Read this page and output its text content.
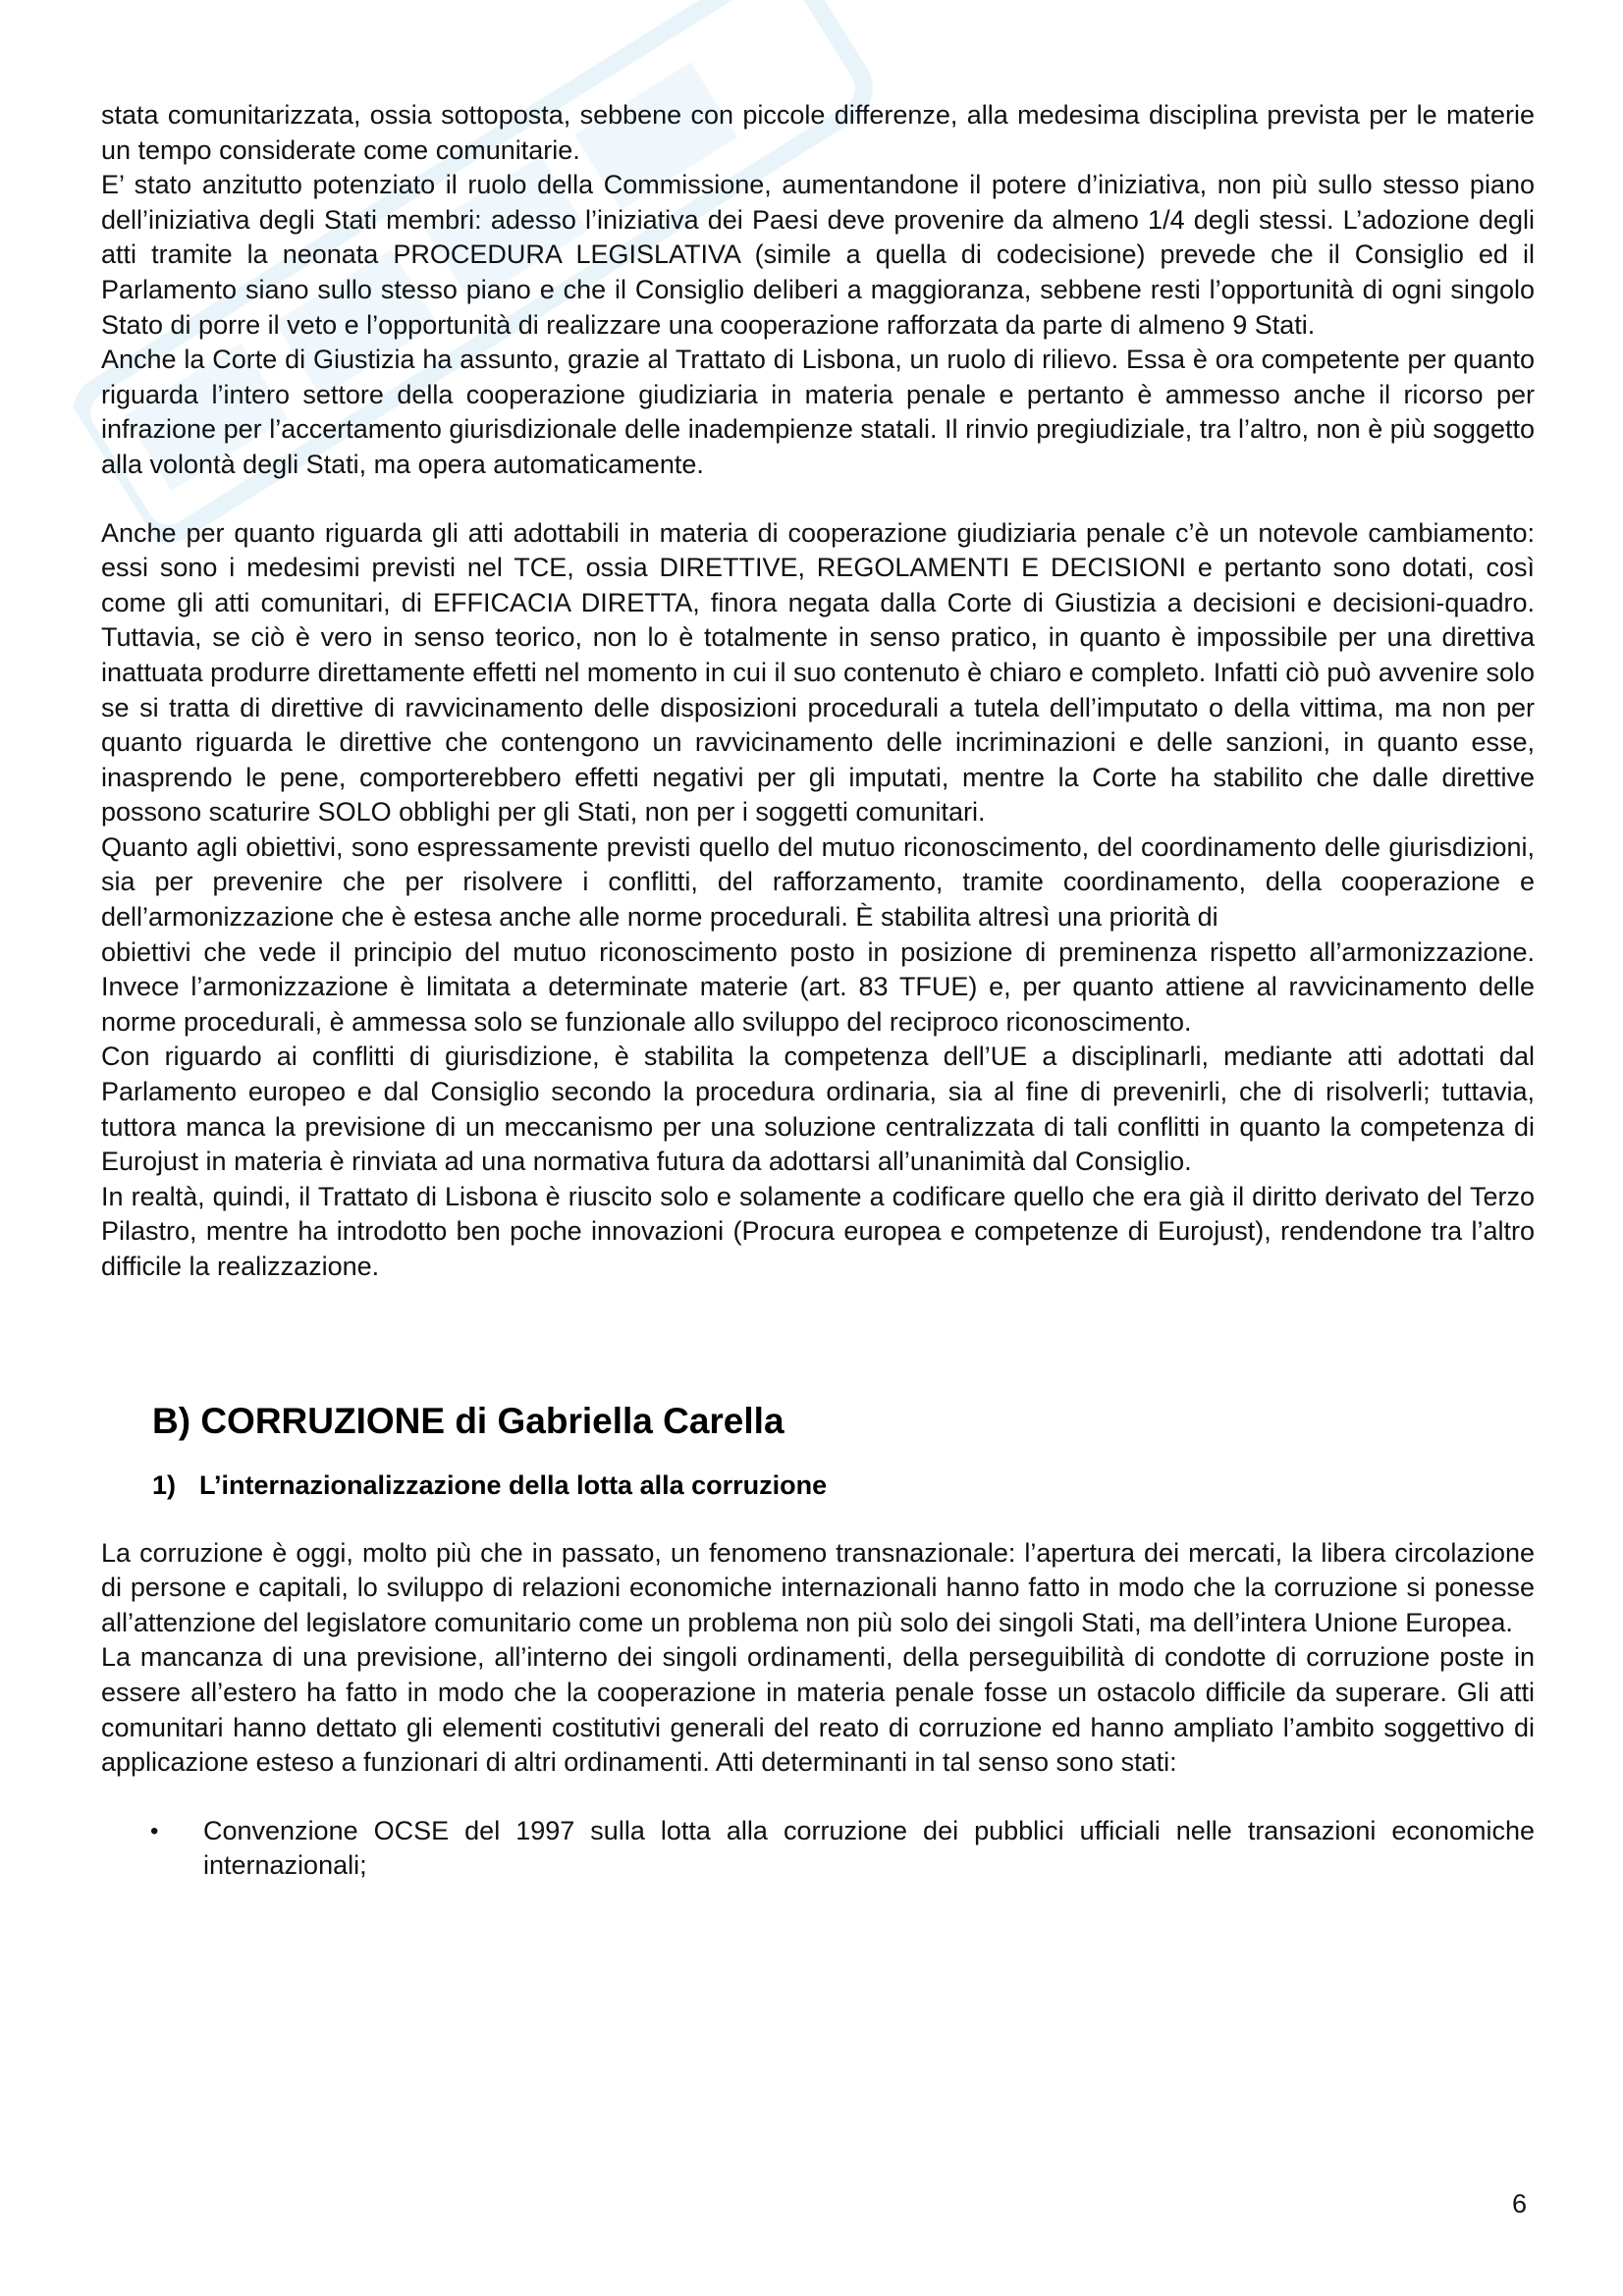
stata comunitarizzata, ossia sottoposta, sebbene con piccole differenze, alla medesima disciplina prevista per le materie un tempo considerate come comunitarie.

E’ stato anzitutto potenziato il ruolo della Commissione, aumentandone il potere d’iniziativa, non più sullo stesso piano dell’iniziativa degli Stati membri: adesso l’iniziativa dei Paesi deve provenire da almeno 1/4 degli stessi. L’adozione degli atti tramite la neonata PROCEDURA LEGISLATIVA (simile a quella di codecisione) prevede che il Consiglio ed il Parlamento siano sullo stesso piano e che il Consiglio deliberi a maggioranza, sebbene resti l’opportunità di ogni singolo Stato di porre il veto e l’opportunità di realizzare una cooperazione rafforzata da parte di almeno 9 Stati.

Anche la Corte di Giustizia ha assunto, grazie al Trattato di Lisbona, un ruolo di rilievo. Essa è ora competente per quanto riguarda l’intero settore della cooperazione giudiziaria in materia penale e pertanto è ammesso anche il ricorso per infrazione per l’accertamento giurisdizionale delle inadempienze statali. Il rinvio pregiudiziale, tra l’altro, non è più soggetto alla volontà degli Stati, ma opera automaticamente.

Anche per quanto riguarda gli atti adottabili in materia di cooperazione giudiziaria penale c’è un notevole cambiamento: essi sono i medesimi previsti nel TCE, ossia DIRETTIVE, REGOLAMENTI E DECISIONI e pertanto sono dotati, così come gli atti comunitari, di EFFICACIA DIRETTA, finora negata dalla Corte di Giustizia a decisioni e decisioni-quadro. Tuttavia, se ciò è vero in senso teorico, non lo è totalmente in senso pratico, in quanto è impossibile per una direttiva inattuata produrre direttamente effetti nel momento in cui il suo contenuto è chiaro e completo. Infatti ciò può avvenire solo se si tratta di direttive di ravvicinamento delle disposizioni procedurali a tutela dell’imputato o della vittima, ma non per quanto riguarda le direttive che contengono un ravvicinamento delle incriminazioni e delle sanzioni, in quanto esse, inasprendo le pene, comporterebbero effetti negativi per gli imputati, mentre la Corte ha stabilito che dalle direttive possono scaturire SOLO obblighi per gli Stati, non per i soggetti comunitari.

Quanto agli obiettivi, sono espressamente previsti quello del mutuo riconoscimento, del coordinamento delle giurisdizioni, sia per prevenire che per risolvere i conflitti, del rafforzamento, tramite coordinamento, della cooperazione e dell’armonizzazione che è estesa anche alle norme procedurali. È stabilita altresì una priorità di

obiettivi che vede il principio del mutuo riconoscimento posto in posizione di preminenza rispetto all’armonizzazione. Invece l’armonizzazione è limitata a determinate materie (art. 83 TFUE) e, per quanto attiene al ravvicinamento delle norme procedurali, è ammessa solo se funzionale allo sviluppo del reciproco riconoscimento.

Con riguardo ai conflitti di giurisdizione, è stabilita la competenza dell’UE a disciplinarli, mediante atti adottati dal Parlamento europeo e dal Consiglio secondo la procedura ordinaria, sia al fine di prevenirli, che di risolverli; tuttavia, tuttora manca la previsione di un meccanismo per una soluzione centralizzata di tali conflitti in quanto la competenza di Eurojust in materia è rinviata ad una normativa futura da adottarsi all’unanimità dal Consiglio.

In realtà, quindi, il Trattato di Lisbona è riuscito solo e solamente a codificare quello che era già il diritto derivato del Terzo Pilastro, mentre ha introdotto ben poche innovazioni (Procura europea e competenze di Eurojust), rendendone tra l’altro difficile la realizzazione.

B) CORRUZIONE di Gabriella Carella
1) L’internazionalizzazione della lotta alla corruzione

La corruzione è oggi, molto più che in passato, un fenomeno transnazionale: l’apertura dei mercati, la libera circolazione di persone e capitali, lo sviluppo di relazioni economiche internazionali hanno fatto in modo che la corruzione si ponesse all’attenzione del legislatore comunitario come un problema non più solo dei singoli Stati, ma dell’intera Unione Europea.

La mancanza di una previsione, all’interno dei singoli ordinamenti, della perseguibilità di condotte di corruzione poste in essere all’estero ha fatto in modo che la cooperazione in materia penale fosse un ostacolo difficile da superare. Gli atti comunitari hanno dettato gli elementi costitutivi generali del reato di corruzione ed hanno ampliato l’ambito soggettivo di applicazione esteso a funzionari di altri ordinamenti. Atti determinanti in tal senso sono stati:

• Convenzione OCSE del 1997 sulla lotta alla corruzione dei pubblici ufficiali nelle transazioni economiche internazionali;
6
